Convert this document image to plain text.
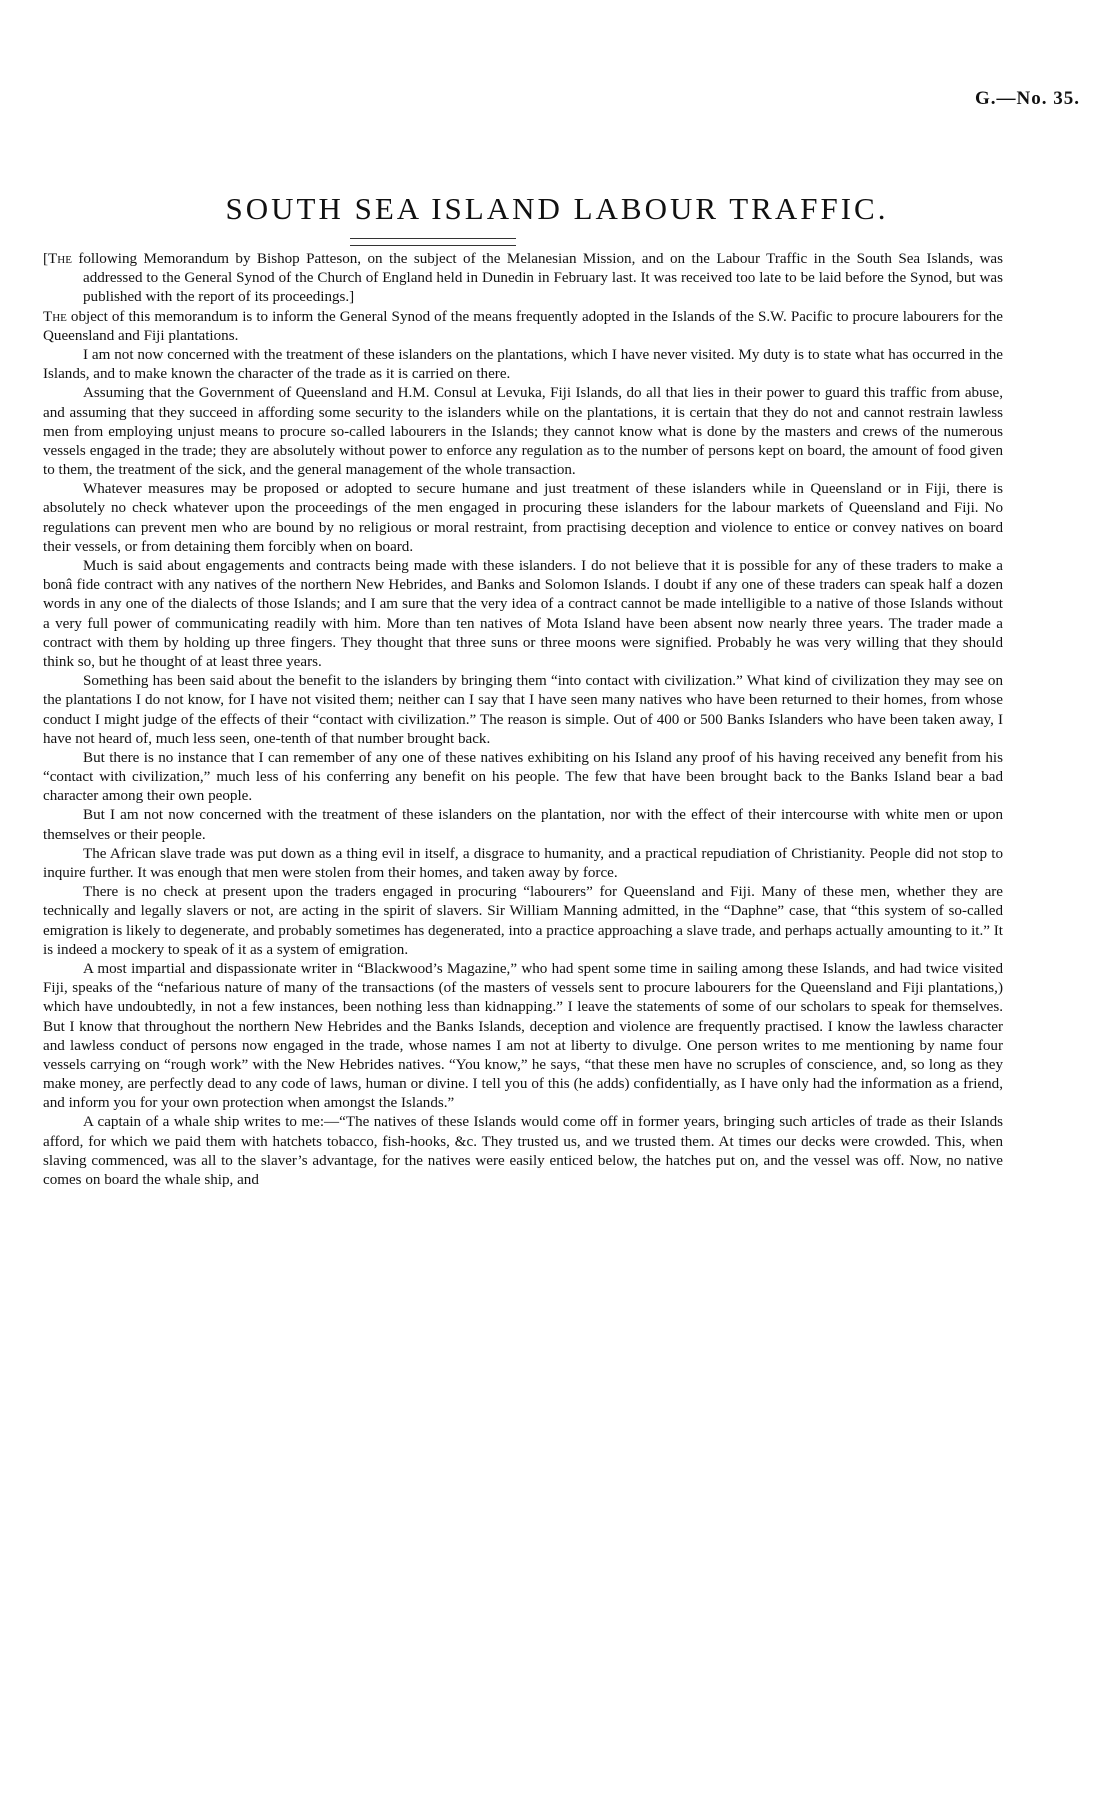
G.—No. 35.
SOUTH SEA ISLAND LABOUR TRAFFIC.

[The following Memorandum by Bishop Patteson, on the subject of the Melanesian Mission, and on the Labour Traffic in the South Sea Islands, was addressed to the General Synod of the Church of England held in Dunedin in February last. It was received too late to be laid before the Synod, but was published with the report of its proceedings.]

The object of this memorandum is to inform the General Synod of the means frequently adopted in the Islands of the S.W. Pacific to procure labourers for the Queensland and Fiji plantations.

I am not now concerned with the treatment of these islanders on the plantations, which I have never visited. My duty is to state what has occurred in the Islands, and to make known the character of the trade as it is carried on there.

Assuming that the Government of Queensland and H.M. Consul at Levuka, Fiji Islands, do all that lies in their power to guard this traffic from abuse, and assuming that they succeed in affording some security to the islanders while on the plantations, it is certain that they do not and cannot restrain lawless men from employing unjust means to procure so-called labourers in the Islands; they cannot know what is done by the masters and crews of the numerous vessels engaged in the trade; they are absolutely without power to enforce any regulation as to the number of persons kept on board, the amount of food given to them, the treatment of the sick, and the general management of the whole transaction.

Whatever measures may be proposed or adopted to secure humane and just treatment of these islanders while in Queensland or in Fiji, there is absolutely no check whatever upon the proceedings of the men engaged in procuring these islanders for the labour markets of Queensland and Fiji. No regulations can prevent men who are bound by no religious or moral restraint, from practising deception and violence to entice or convey natives on board their vessels, or from detaining them forcibly when on board.

Much is said about engagements and contracts being made with these islanders. I do not believe that it is possible for any of these traders to make a bonâ fide contract with any natives of the northern New Hebrides, and Banks and Solomon Islands. I doubt if any one of these traders can speak half a dozen words in any one of the dialects of those Islands; and I am sure that the very idea of a contract cannot be made intelligible to a native of those Islands without a very full power of communicating readily with him. More than ten natives of Mota Island have been absent now nearly three years. The trader made a contract with them by holding up three fingers. They thought that three suns or three moons were signified. Probably he was very willing that they should think so, but he thought of at least three years.

Something has been said about the benefit to the islanders by bringing them “into contact with civilization.” What kind of civilization they may see on the plantations I do not know, for I have not visited them; neither can I say that I have seen many natives who have been returned to their homes, from whose conduct I might judge of the effects of their “contact with civilization.” The reason is simple. Out of 400 or 500 Banks Islanders who have been taken away, I have not heard of, much less seen, one-tenth of that number brought back.

But there is no instance that I can remember of any one of these natives exhibiting on his Island any proof of his having received any benefit from his “contact with civilization,” much less of his conferring any benefit on his people. The few that have been brought back to the Banks Island bear a bad character among their own people.

But I am not now concerned with the treatment of these islanders on the plantation, nor with the effect of their intercourse with white men or upon themselves or their people.

The African slave trade was put down as a thing evil in itself, a disgrace to humanity, and a practical repudiation of Christianity. People did not stop to inquire further. It was enough that men were stolen from their homes, and taken away by force.

There is no check at present upon the traders engaged in procuring “labourers” for Queensland and Fiji. Many of these men, whether they are technically and legally slavers or not, are acting in the spirit of slavers. Sir William Manning admitted, in the “Daphne” case, that “this system of so-called emigration is likely to degenerate, and probably sometimes has degenerated, into a practice approaching a slave trade, and perhaps actually amounting to it.” It is indeed a mockery to speak of it as a system of emigration.

A most impartial and dispassionate writer in “Blackwood’s Magazine,” who had spent some time in sailing among these Islands, and had twice visited Fiji, speaks of the “nefarious nature of many of the transactions (of the masters of vessels sent to procure labourers for the Queensland and Fiji plantations,) which have undoubtedly, in not a few instances, been nothing less than kidnapping.” I leave the statements of some of our scholars to speak for themselves. But I know that throughout the northern New Hebrides and the Banks Islands, deception and violence are frequently practised. I know the lawless character and lawless conduct of persons now engaged in the trade, whose names I am not at liberty to divulge. One person writes to me mentioning by name four vessels carrying on “rough work” with the New Hebrides natives. “You know,” he says, “that these men have no scruples of conscience, and, so long as they make money, are perfectly dead to any code of laws, human or divine. I tell you of this (he adds) confidentially, as I have only had the information as a friend, and inform you for your own protection when amongst the Islands.”

A captain of a whale ship writes to me:—“The natives of these Islands would come off in former years, bringing such articles of trade as their Islands afford, for which we paid them with hatchets tobacco, fish-hooks, &c. They trusted us, and we trusted them. At times our decks were crowded. This, when slaving commenced, was all to the slaver’s advantage, for the natives were easily enticed below, the hatches put on, and the vessel was off. Now, no native comes on board the whale ship, and
